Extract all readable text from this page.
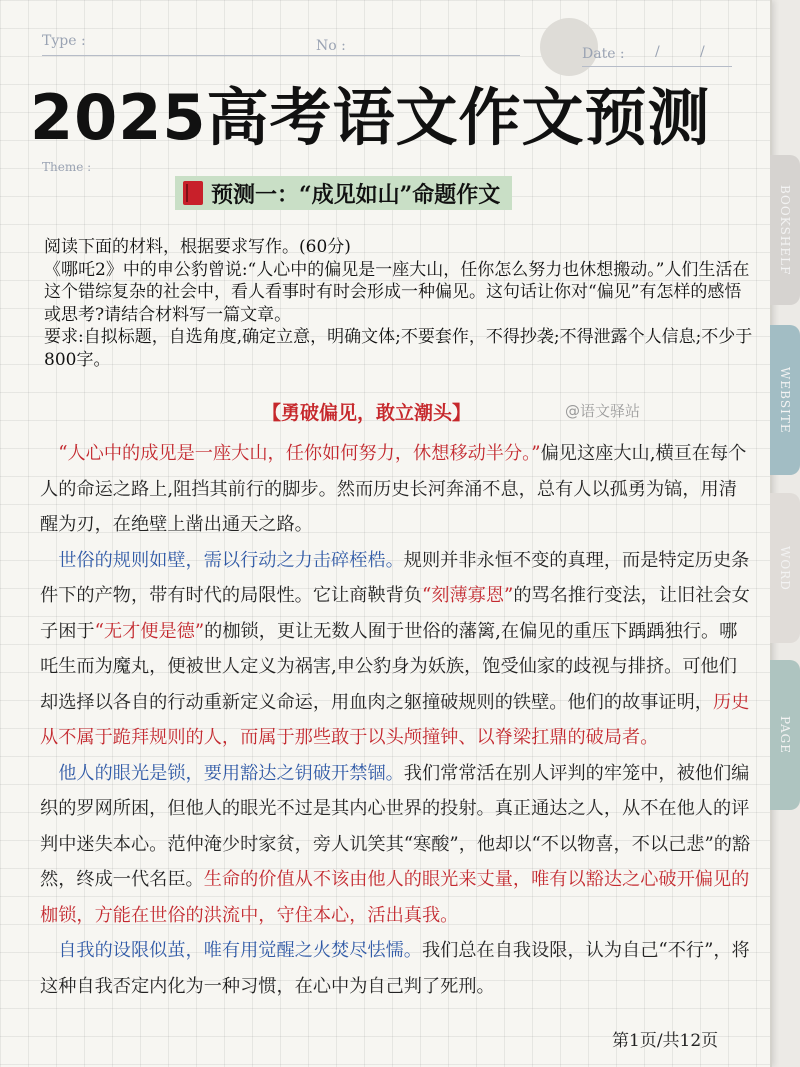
Type :	No :	Date : /	/
2025高考语文作文预测
Theme :
预测一：“成见如山”命题作文

阅读下面的材料，根据要求写作。(60分)

《哪吒2》中的申公豹曾说:“人心中的偏见是一座大山，任你怎么努力也休想搬动。”人们生活在这个错综复杂的社会中，看人看事时有时会形成一种偏见。这句话让你对“偏见”有怎样的感悟或思考?请结合材料写一篇文章。

要求:自拟标题，自选角度,确定立意，明确文体;不要套作，不得抄袭;不得泄露个人信息;不少于800字。

【勇破偏见，敢立潮头】	@语文驿站

 “人心中的成见是一座大山，任你如何努力，休想移动半分。”偏见这座大山,横亘在每个人的命运之路上,阻挡其前行的脚步。然而历史长河奔涌不息，总有人以孤勇为镐，用清醒为刃，在绝壁上凿出通天之路。

 世俗的规则如壁，需以行动之力击碎桎梏。规则并非永恒不变的真理，而是特定历史条件下的产物，带有时代的局限性。它让商鞅背负“刻薄寡恩”的骂名推行变法，让旧社会女子困于“无才便是德”的枷锁，更让无数人囿于世俗的藩篱,在偏见的重压下踽踽独行。哪吒生而为魔丸，便被世人定义为祸害,申公豹身为妖族，饱受仙家的歧视与排挤。可他们却选择以各自的行动重新定义命运，用血肉之躯撞破规则的铁壁。他们的故事证明，历史从不属于跪拜规则的人，而属于那些敢于以头颅撞钟、以脊梁扛鼎的破局者。

 他人的眼光是锁，要用豁达之钥破开禁锢。我们常常活在别人评判的牢笼中，被他们编织的罗网所困，但他人的眼光不过是其内心世界的投射。真正通达之人，从不在他人的评判中迷失本心。范仲淹少时家贫，旁人讥笑其“寒酸”，他却以“不以物喜，不以己悲”的豁然，终成一代名臣。生命的价值从不该由他人的眼光来丈量，唯有以豁达之心破开偏见的枷锁，方能在世俗的洪流中，守住本心，活出真我。

 自我的设限似茧，唯有用觉醒之火焚尽怯懦。我们总在自我设限，认为自己“不行”，将这种自我否定内化为一种习惯，在心中为自己判了死刑。

第1页/共12页
BOOKSHELF
WEBSITE
WORD
PAGE
